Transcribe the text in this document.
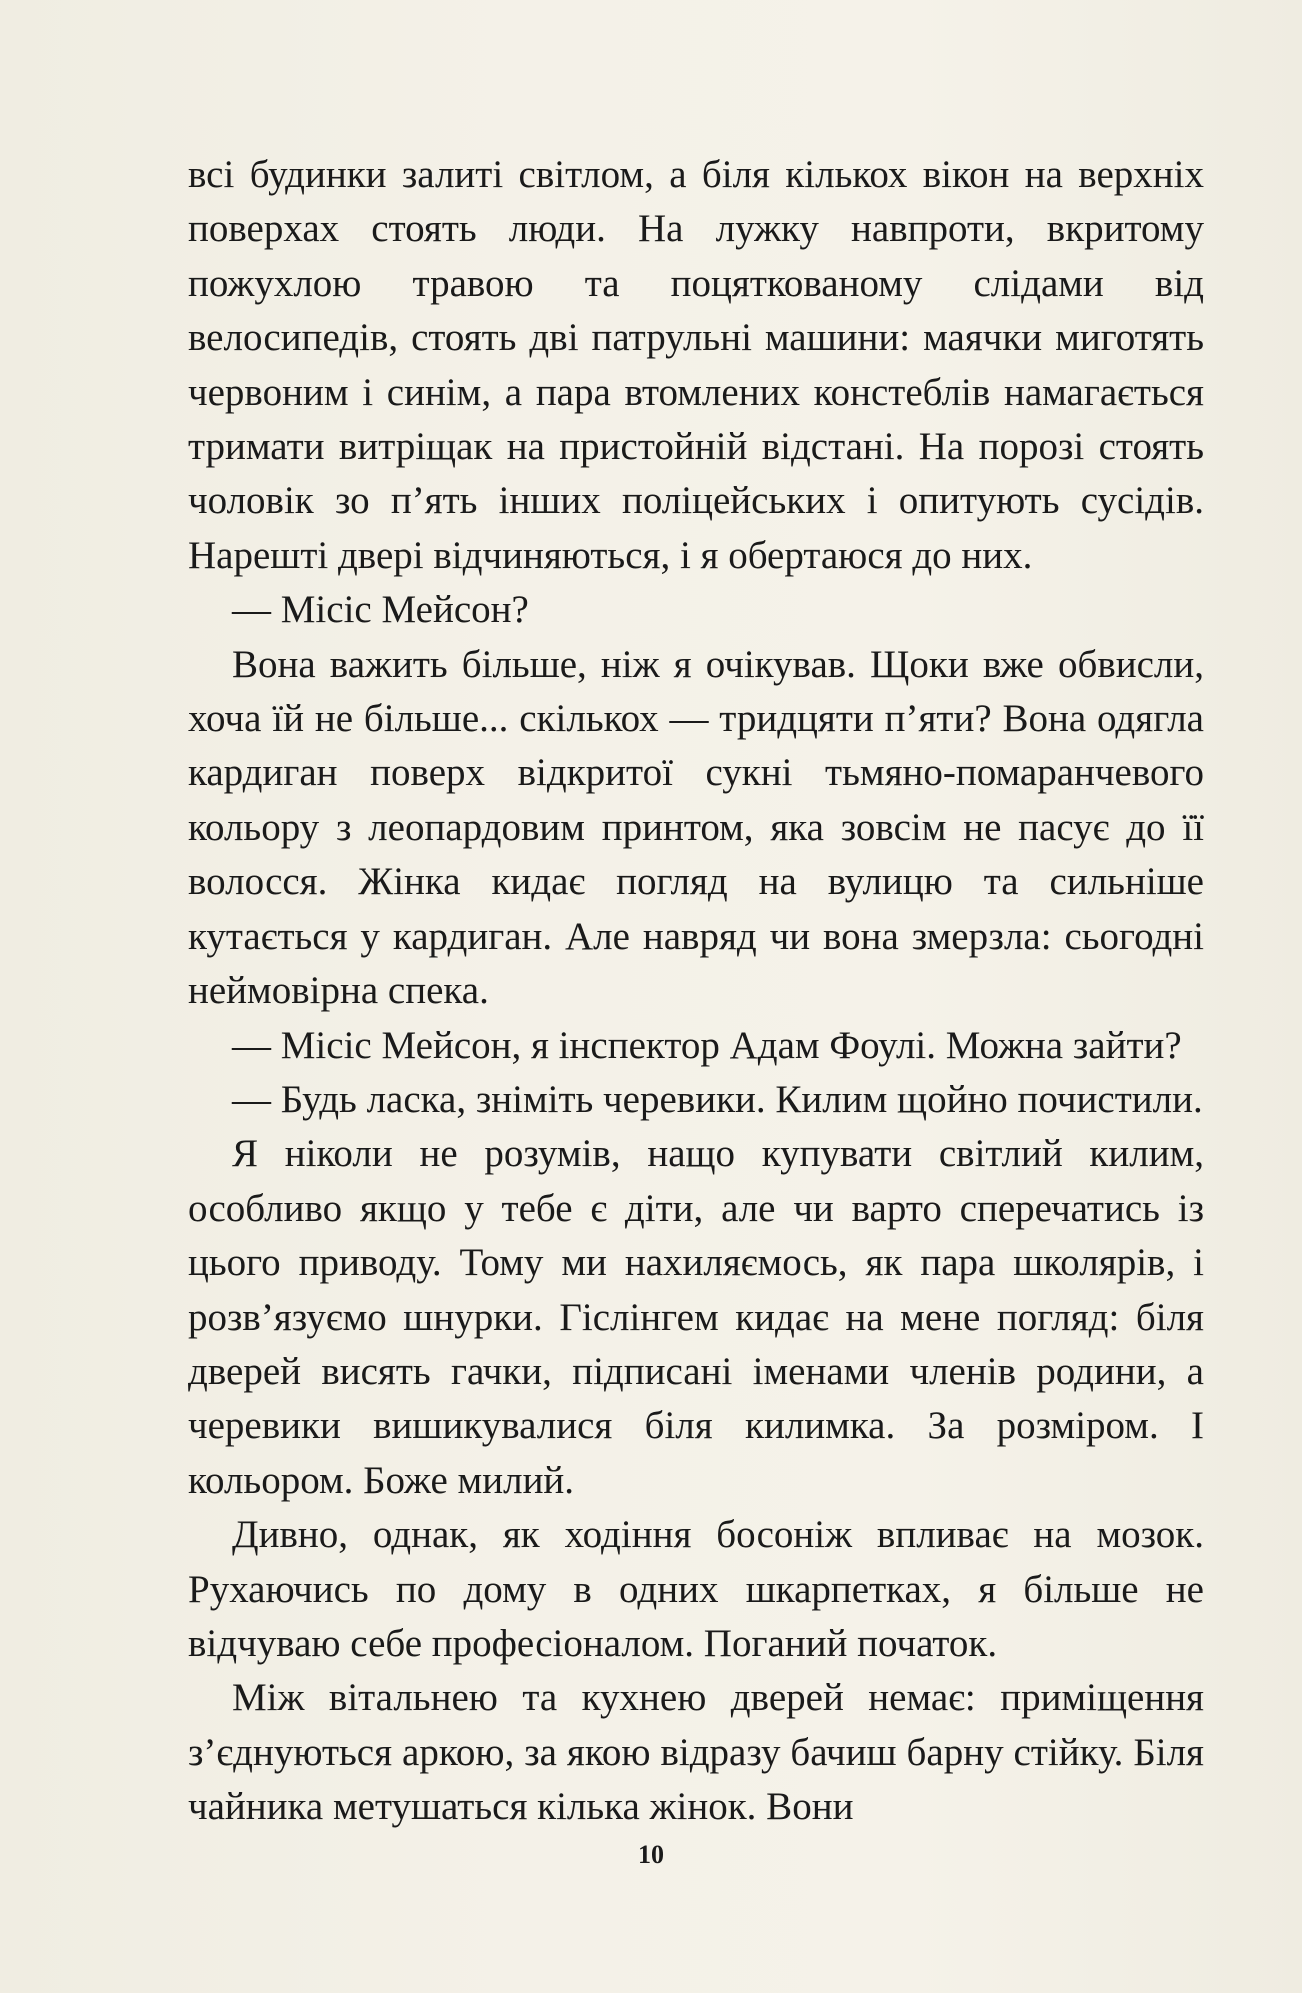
всі будинки залиті світлом, а біля кількох вікон на верхніх поверхах стоять люди. На лужку навпроти, вкритому пожухлою травою та поцяткованому слідами від велосипедів, стоять дві патрульні машини: маячки миготять червоним і синім, а пара втомлених констеблів намагається тримати витріщак на пристойній відстані. На порозі стоять чоловік зо п’ять інших поліцейських і опитують сусідів. Нарешті двері відчиняються, і я обертаюся до них.

— Місіс Мейсон?

Вона важить більше, ніж я очікував. Щоки вже обвисли, хоча їй не більше... скількох — тридцяти п’яти? Вона одягла кардиган поверх відкритої сукні тьмяно-помаранчевого кольору з леопардовим принтом, яка зовсім не пасує до її волосся. Жінка кидає погляд на вулицю та сильніше кутається у кардиган. Але навряд чи вона змерзла: сьогодні неймовірна спека.

— Місіс Мейсон, я інспектор Адам Фоулі. Можна зайти?

— Будь ласка, зніміть черевики. Килим щойно почистили.

Я ніколи не розумів, нащо купувати світлий килим, особливо якщо у тебе є діти, але чи варто сперечатись із цього приводу. Тому ми нахиляємось, як пара школярів, і розв’язуємо шнурки. Гіслінгем кидає на мене погляд: біля дверей висять гачки, підписані іменами членів родини, а черевики вишикувалися біля килимка. За розміром. І кольором. Боже милий.

Дивно, однак, як ходіння босоніж впливає на мозок. Рухаючись по дому в одних шкарпетках, я більше не відчуваю себе професіоналом. Поганий початок.

Між вітальнею та кухнею дверей немає: приміщення з’єднуються аркою, за якою відразу бачиш барну стійку. Біля чайника метушаться кілька жінок. Вони

10
